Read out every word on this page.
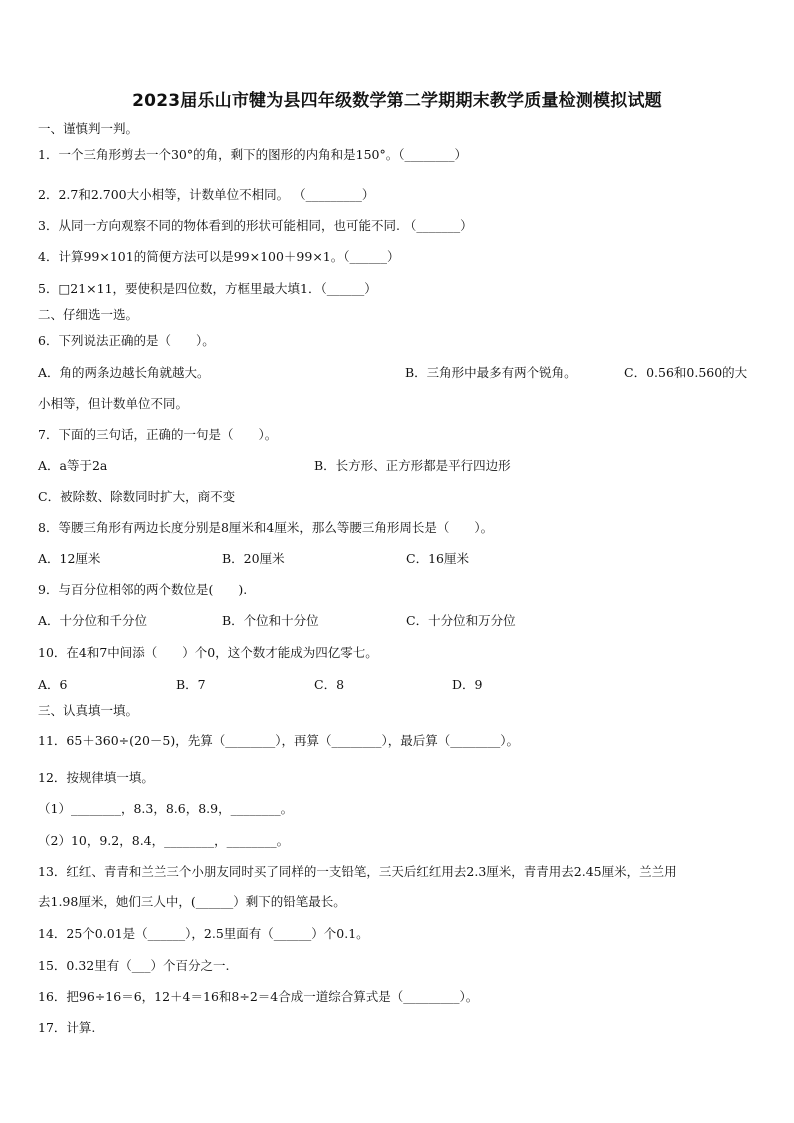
2023届乐山市犍为县四年级数学第二学期期末教学质量检测模拟试题
一、谨慎判一判。
1．一个三角形剪去一个30°的角，剩下的图形的内角和是150°。（________）
2．2.7和2.700大小相等，计数单位不相同。 （_________）
3．从同一方向观察不同的物体看到的形状可能相同，也可能不同. （_______）
4．计算99×101的简便方法可以是99×100＋99×1。（______）
5．□21×11，要使积是四位数，方框里最大填1．（______）
二、仔细选一选。
6．下列说法正确的是（　　）。
A．角的两条边越长角就越大。	B．三角形中最多有两个锐角。	C．0.56和0.560的大
小相等，但计数单位不同。
7．下面的三句话，正确的一句是（　　）。
A．a等于2a	B．长方形、正方形都是平行四边形
C．被除数、除数同时扩大，商不变
8．等腰三角形有两边长度分别是8厘米和4厘米，那么等腰三角形周长是（　　）。
A．12厘米	B．20厘米	C．16厘米
9．与百分位相邻的两个数位是(　　).
A．十分位和千分位	B．个位和十分位	C．十分位和万分位
10．在4和7中间添（　　）个0，这个数才能成为四亿零七。
A．6	B．7	C．8	D．9
三、认真填一填。
11．65＋360÷(20－5)，先算（________），再算（________），最后算（________）。
12．按规律填一填。
（1）________，8.3，8.6，8.9，________。
（2）10，9.2，8.4，________，________。
13．红红、青青和兰兰三个小朋友同时买了同样的一支铅笔，三天后红红用去2.3厘米，青青用去2.45厘米，兰兰用
去1.98厘米，她们三人中，(______）剩下的铅笔最长。
14．25个0.01是（______），2.5里面有（______）个0.1。
15．0.32里有（___）个百分之一.
16．把96÷16＝6，12＋4＝16和8÷2＝4合成一道综合算式是（_________）。
17．计算.
